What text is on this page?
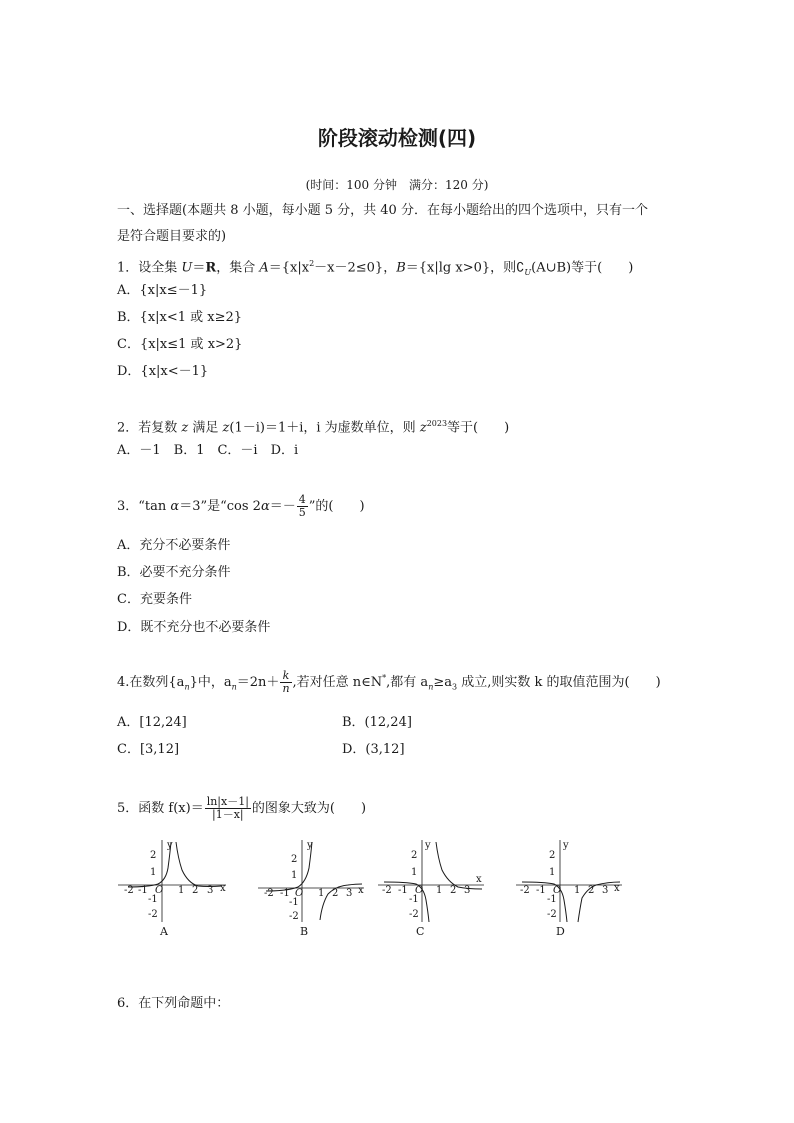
阶段滚动检测(四)
(时间：100 分钟　满分：120 分)
一、选择题(本题共 8 小题，每小题 5 分，共 40 分．在每小题给出的四个选项中，只有一个
是符合题目要求的)
1．设全集 U＝R，集合 $A=\{x|x^2-x-2\le 0\}$，B＝{x|lg x>0}，则$∁_U(A\cup B)$等于(　　)
A．{x|x≤－1}
B．{x|x<1 或 x≥2}
C．{x|x≤1 或 x>2}
D．{x|x<－1}
2．若复数 z 满足 z(1－i)＝1＋i，i 为虚数单位，则 $z^{2023}$等于(　　)
A．－1　B．1　C．－i　D．i
3．“tan α＝3”是“cos $2\alpha=- \frac{4}{5}$ ”的(　　)
A．充分不必要条件
B．必要不充分条件
C．充要条件
D．既不充分也不必要条件
4.在数列$\{a_n\}$中，$a_n=2n+ \frac{k}{n}$ ,若对任意 n∈N*,都有 $a_n\ge a_3$ 成立,则实数 k 的取值范围为(　　)
A．[12,24]	B．(12,24]
C．[3,12]	D．(3,12]
5．函数 $f(x)= \frac{\ln|x-1|}{|1-x|}$ 的图象大致为(　　)
y
x
2
1
-1
-2
-2 -1 O 1 2 3
A
y
x
2
1
-1
-2
-2 -1 O 1 2 3
B
y
x
2
1
-1
-2
-2 -1 O 1 2 3
C
y
x
2
1
-1
-2
-2 -1 O 1 2 3
D
6．在下列命题中：
